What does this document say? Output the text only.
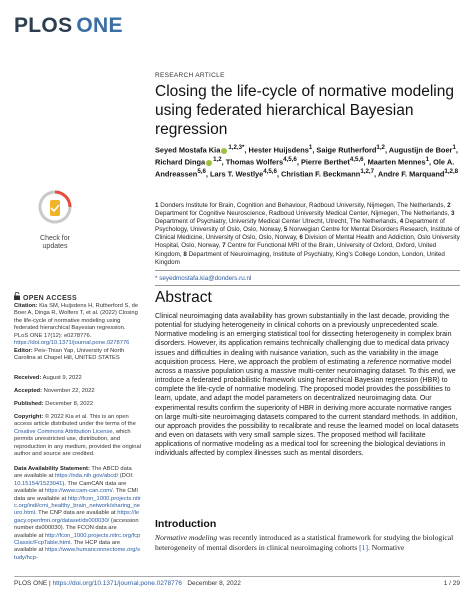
PLOS ONE
Check for
updates
OPEN ACCESS
Citation: Kia SM, Huijsdens H, Rutherford S, de Boer A, Dinga R, Wolfers T, et al. (2022) Closing the life-cycle of normative modeling using federated hierarchical Bayesian regression. PLoS ONE 17(12): e0278776. https://doi.org/10.1371/journal.pone.0278776
Editor: Peiv-Thian Yap, University of North Carolina at Chapel Hill, UNITED STATES
Received: August 9, 2022
Accepted: November 22, 2022
Published: December 8, 2022
Copyright: © 2022 Kia et al. This is an open access article distributed under the terms of the Creative Commons Attribution License, which permits unrestricted use, distribution, and reproduction in any medium, provided the original author and source are credited.
Data Availability Statement: The ABCD data are available at https://nda.nih.gov/abcd/ (DOI: 10.15154/1523041). The CamCAN data are available at https://www.cam-can.com/. The CMI data are available at http://fcon_1000.projects.nitrc.org/indi/cmi_healthy_brain_network/sharing_neuro.html. The CNP data are available at https://legacy.openfmri.org/dataset/ds000030/ (accession number ds000030). The FCON data are available at http://fcon_1000.projects.nitrc.org/fcpClassic/FcpTable.html. The HCP data are available at https://www.humanconnectome.org/study/hcp-
RESEARCH ARTICLE
Closing the life-cycle of normative modeling using federated hierarchical Bayesian regression
Seyed Mostafa Kia $^{1,2,3*}$, Hester Huijsdens$^1$, Saige Rutherford$^{1,2}$, Augustijn de Boer$^1$, Richard Dinga $^{1,2}$, Thomas Wolfers$^{4,5,6}$, Pierre Berthet$^{4,5,6}$, Maarten Mennes$^1$, Ole A. Andreassen$^{5,6}$, Lars T. Westlye$^{4,5,6}$, Christian F. Beckmann$^{1,2,7}$, Andre F. Marquand$^{1,2,8}$
1 Donders Institute for Brain, Cognition and Behaviour, Radboud University, Nijmegen, The Netherlands, 2 Department for Cognitive Neuroscience, Radboud University Medical Center, Nijmegen, The Netherlands, 3 Department of Psychiatry, University Medical Center Utrecht, Utrecht, The Netherlands, 4 Department of Psychology, University of Oslo, Oslo, Norway, 5 Norwegian Centre for Mental Disorders Research, Institute of Clinical Medicine, University of Oslo, Oslo, Norway, 6 Division of Mental Health and Addiction, Oslo University Hospital, Oslo, Norway, 7 Centre for Functional MRI of the Brain, University of Oxford, Oxford, United Kingdom, 8 Department of Neuroimaging, Institute of Psychiatry, King's College London, London, United Kingdom
* seyedmostafa.kia@donders.ru.nl
Abstract
Clinical neuroimaging data availability has grown substantially in the last decade, providing the potential for studying heterogeneity in clinical cohorts on a previously unprecedented scale. Normative modeling is an emerging statistical tool for dissecting heterogeneity in complex brain disorders. However, its application remains technically challenging due to medical data privacy issues and difficulties in dealing with nuisance variation, such as the variability in the image acquisition process. Here, we approach the problem of estimating a reference normative model across a massive population using a massive multi-center neuroimaging dataset. To this end, we introduce a federated probabilistic framework using hierarchical Bayesian regression (HBR) to complete the life-cycle of normative modeling. The proposed model provides the possibilities to learn, update, and adapt the model parameters on decentralized neuroimaging data. Our experimental results confirm the superiority of HBR in deriving more accurate normative ranges on large multi-site neuroimaging datasets compared to the current standard methods. In addition, our approach provides the possibility to recalibrate and reuse the learned model on local datasets and even on datasets with very small sample sizes. The proposed method will facilitate applications of normative modeling as a medical tool for screening the biological deviations in individuals affected by complex illnesses such as mental disorders.
Introduction
Normative modeling was recently introduced as a statistical framework for studying the biological heterogeneity of mental disorders in clinical neuroimaging cohorts [1]. Normative
PLOS ONE | https://doi.org/10.1371/journal.pone.0278776 December 8, 2022	1 / 29
